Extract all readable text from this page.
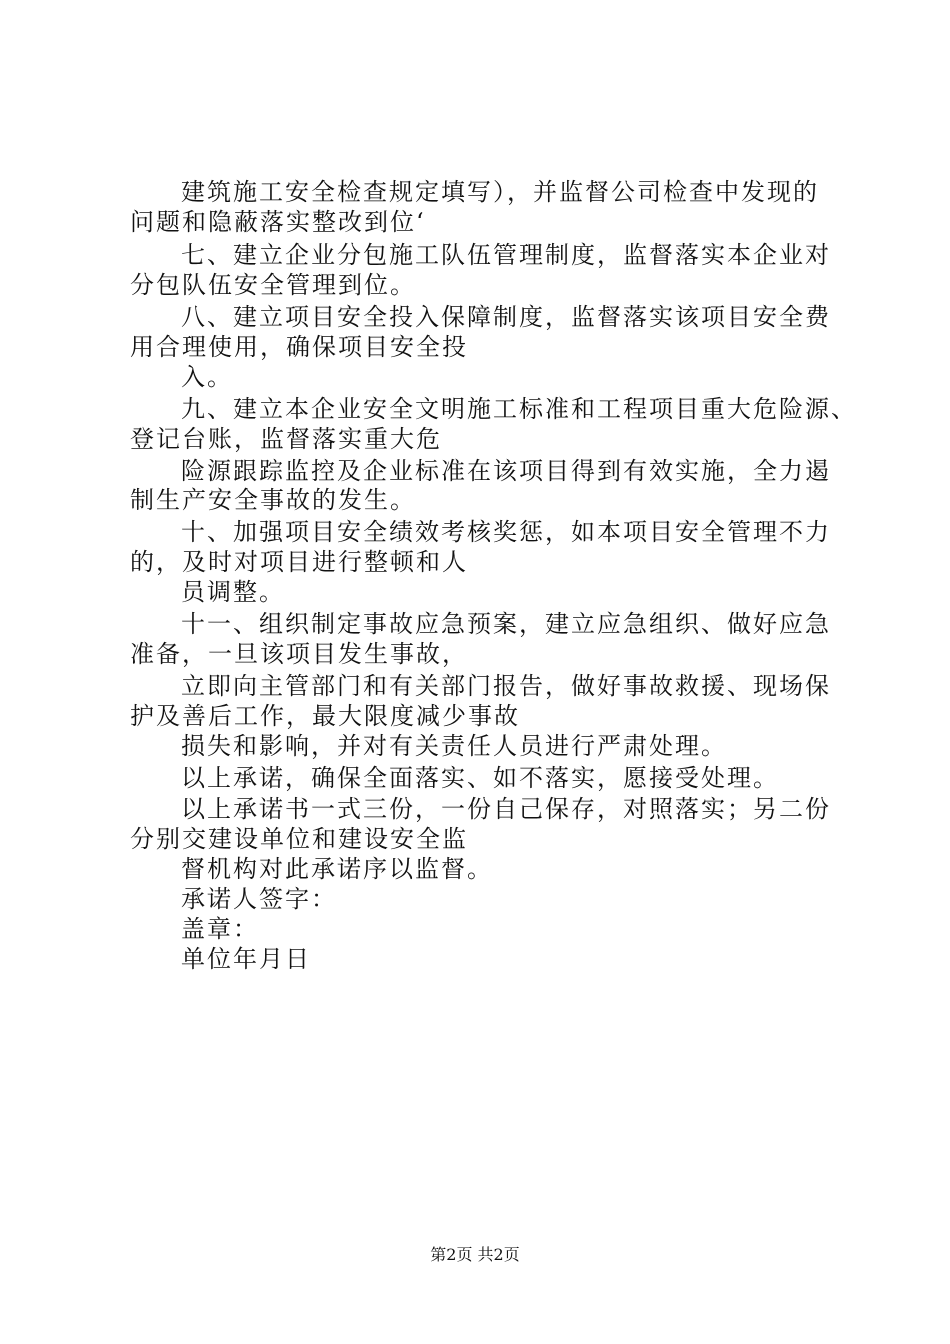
建筑施工安全检查规定填写），并监督公司检查中发现的
问题和隐蔽落实整改到位‘
七、建立企业分包施工队伍管理制度，监督落实本企业对
分包队伍安全管理到位。
八、建立项目安全投入保障制度，监督落实该项目安全费
用合理使用，确保项目安全投
入。
九、建立本企业安全文明施工标准和工程项目重大危险源、
登记台账，监督落实重大危
险源跟踪监控及企业标准在该项目得到有效实施，全力遏
制生产安全事故的发生。
十、加强项目安全绩效考核奖惩，如本项目安全管理不力
的，及时对项目进行整顿和人
员调整。
十一、组织制定事故应急预案，建立应急组织、做好应急
准备，一旦该项目发生事故，
立即向主管部门和有关部门报告，做好事故救援、现场保
护及善后工作，最大限度减少事故
损失和影响，并对有关责任人员进行严肃处理。
以上承诺，确保全面落实、如不落实，愿接受处理。
以上承诺书一式三份，一份自己保存，对照落实；另二份
分别交建设单位和建设安全监
督机构对此承诺序以监督。
承诺人签字：
盖章：
单位年月日
第2页 共2页
